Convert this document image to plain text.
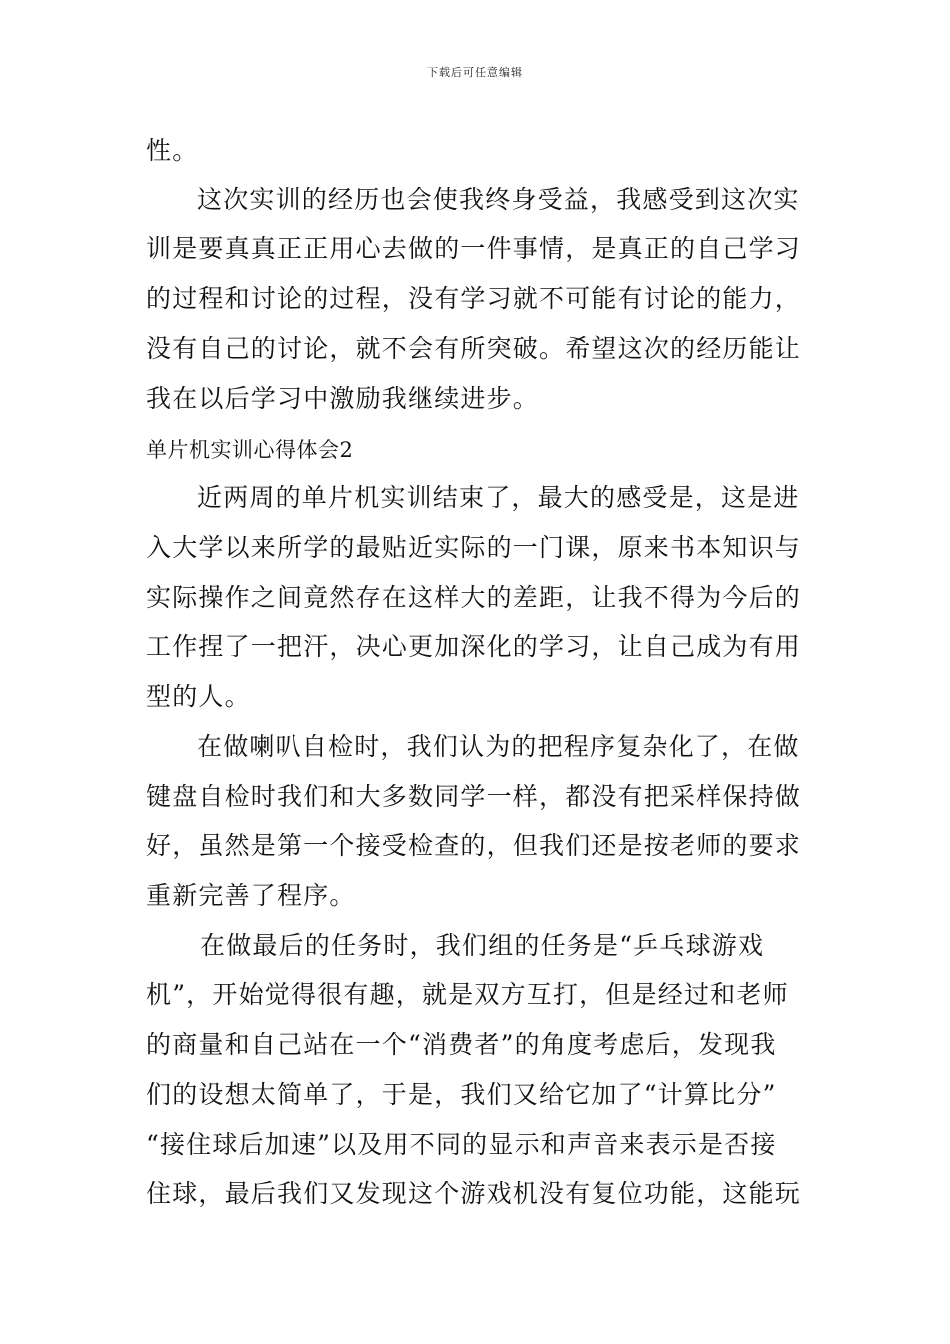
下载后可任意编辑
性。
这次实训的经历也会使我终身受益，我感受到这次实
训是要真真正正用心去做的一件事情，是真正的自己学习
的过程和讨论的过程，没有学习就不可能有讨论的能力，
没有自己的讨论，就不会有所突破。希望这次的经历能让
我在以后学习中激励我继续进步。
单片机实训心得体会2
近两周的单片机实训结束了，最大的感受是，这是进
入大学以来所学的最贴近实际的一门课，原来书本知识与
实际操作之间竟然存在这样大的差距，让我不得为今后的
工作捏了一把汗，决心更加深化的学习，让自己成为有用
型的人。
在做喇叭自检时，我们认为的把程序复杂化了，在做
键盘自检时我们和大多数同学一样，都没有把采样保持做
好，虽然是第一个接受检查的，但我们还是按老师的要求
重新完善了程序。
在做最后的任务时，我们组的任务是“乒乓球游戏
机”，开始觉得很有趣，就是双方互打，但是经过和老师
的商量和自己站在一个“消费者”的角度考虑后，发现我
们的设想太简单了，于是，我们又给它加了“计算比分”
“接住球后加速”以及用不同的显示和声音来表示是否接
住球，最后我们又发现这个游戏机没有复位功能，这能玩
